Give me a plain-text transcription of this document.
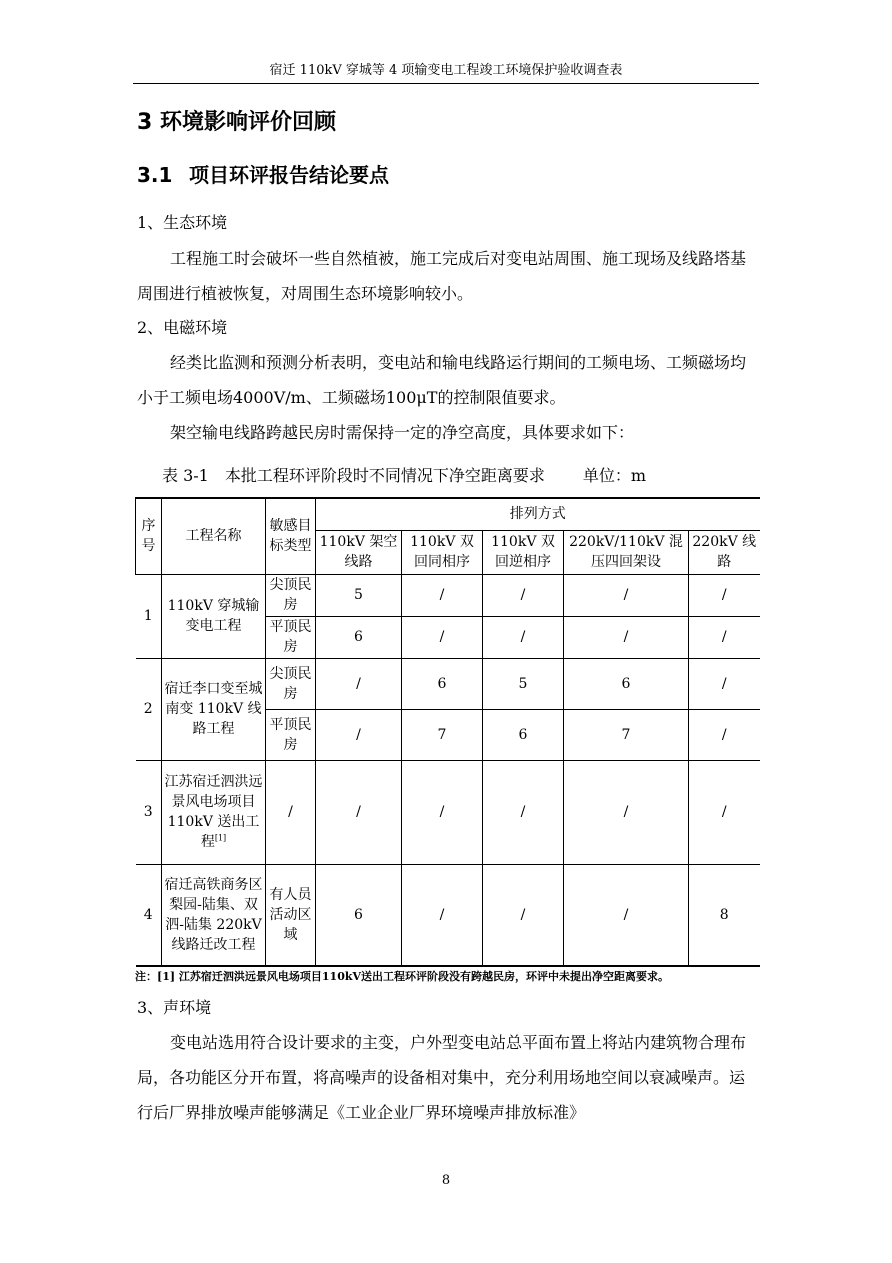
宿迁 110kV 穿城等 4 项输变电工程竣工环境保护验收调查表
3 环境影响评价回顾
3.1 项目环评报告结论要点
1、生态环境
工程施工时会破坏一些自然植被，施工完成后对变电站周围、施工现场及线路塔基周围进行植被恢复，对周围生态环境影响较小。
2、电磁环境
经类比监测和预测分析表明，变电站和输电线路运行期间的工频电场、工频磁场均小于工频电场4000V/m、工频磁场100μT的控制限值要求。
架空输电线路跨越民房时需保持一定的净空高度，具体要求如下：
表 3-1　本批工程环评阶段时不同情况下净空距离要求 单位：m
序号	工程名称	敏感目标类型	排列方式				
			110kV 架空线路	110kV 双回同相序	110kV 双回逆相序	220kV/110kV 混压四回架设	220kV 线路
1	110kV 穿城输变电工程	尖顶民房	5	/	/	/	/
		平顶民房	6	/	/	/	/
2	宿迁李口变至城南变 110kV 线路工程	尖顶民房	/	6	5	6	/
		平顶民房	/	7	6	7	/
3	江苏宿迁泗洪远景风电场项目 110kV 送出工程[1]	/	/	/	/	/	/
4	宿迁高铁商务区梨园-陆集、双泗-陆集 220kV 线路迁改工程	有人员活动区域	6	/	/	/	8
注：[1] 江苏宿迁泗洪远景风电场项目110kV送出工程环评阶段没有跨越民房，环评中未提出净空距离要求。
3、声环境
变电站选用符合设计要求的主变，户外型变电站总平面布置上将站内建筑物合理布局，各功能区分开布置，将高噪声的设备相对集中，充分利用场地空间以衰减噪声。运行后厂界排放噪声能够满足《工业企业厂界环境噪声排放标准》
8
